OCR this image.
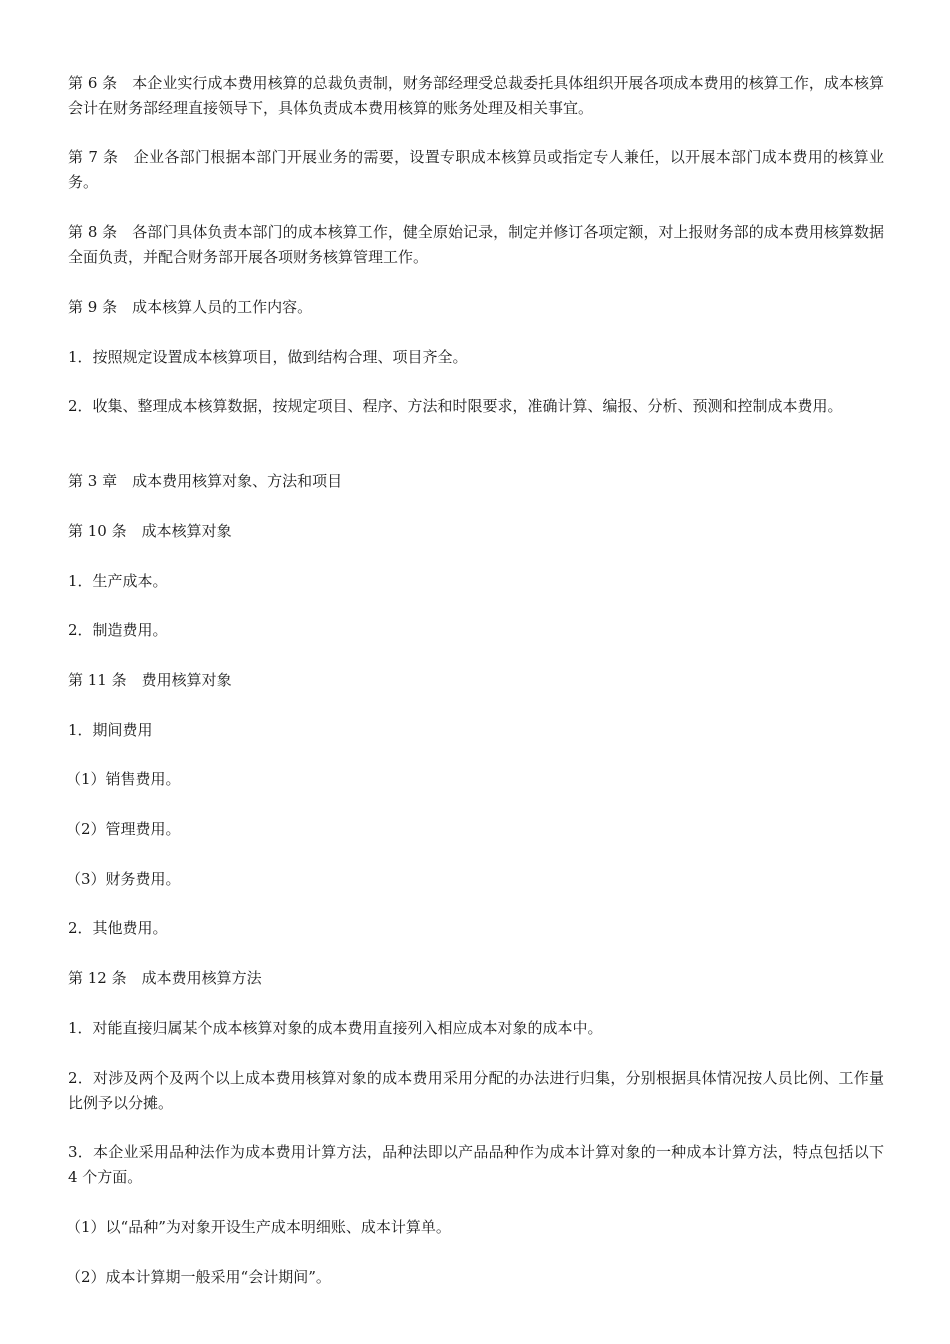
第 6 条　本企业实行成本费用核算的总裁负责制，财务部经理受总裁委托具体组织开展各项成本费用的核算工作，成本核算会计在财务部经理直接领导下，具体负责成本费用核算的账务处理及相关事宜。

第 7 条　企业各部门根据本部门开展业务的需要，设置专职成本核算员或指定专人兼任，以开展本部门成本费用的核算业务。

第 8 条　各部门具体负责本部门的成本核算工作，健全原始记录，制定并修订各项定额，对上报财务部的成本费用核算数据全面负责，并配合财务部开展各项财务核算管理工作。

第 9 条　成本核算人员的工作内容。

1．按照规定设置成本核算项目，做到结构合理、项目齐全。

2．收集、整理成本核算数据，按规定项目、程序、方法和时限要求，准确计算、编报、分析、预测和控制成本费用。

第 3 章　成本费用核算对象、方法和项目

第 10 条　成本核算对象

1．生产成本。

2．制造费用。

第 11 条　费用核算对象

1．期间费用

（1）销售费用。

（2）管理费用。

（3）财务费用。

2．其他费用。

第 12 条　成本费用核算方法

1．对能直接归属某个成本核算对象的成本费用直接列入相应成本对象的成本中。

2．对涉及两个及两个以上成本费用核算对象的成本费用采用分配的办法进行归集，分别根据具体情况按人员比例、工作量比例予以分摊。

3．本企业采用品种法作为成本费用计算方法，品种法即以产品品种作为成本计算对象的一种成本计算方法，特点包括以下 4 个方面。

（1）以“品种”为对象开设生产成本明细账、成本计算单。

（2）成本计算期一般采用“会计期间”。
